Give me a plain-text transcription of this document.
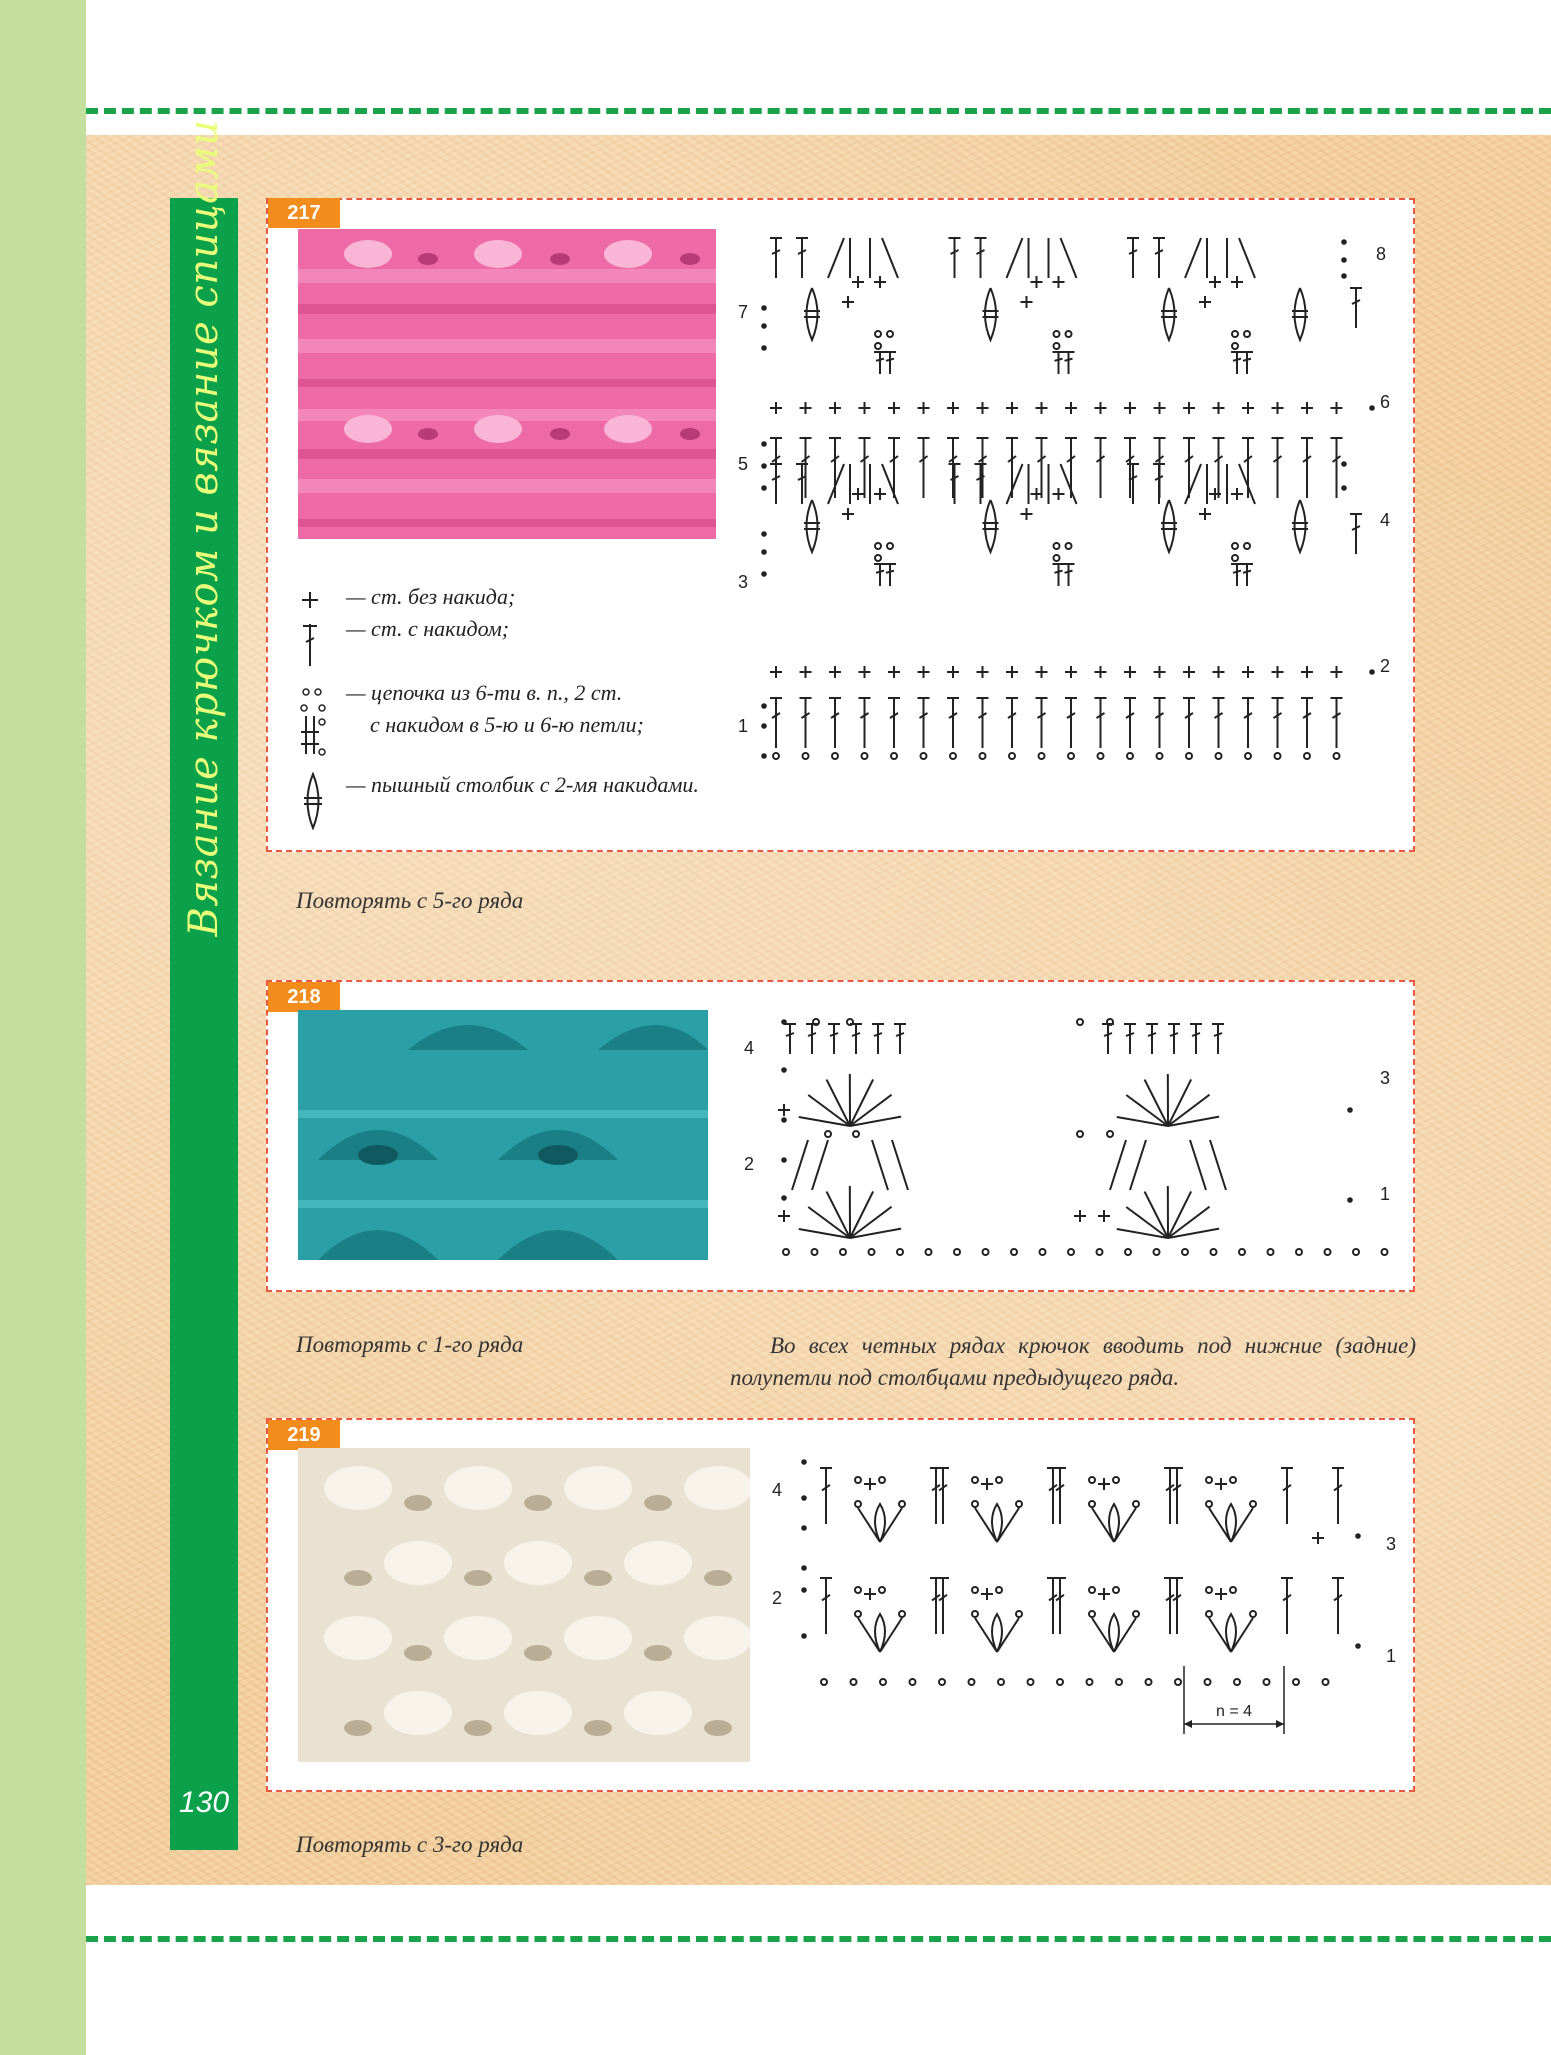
Вязание крючком и вязание спицами
130
217
— ст. без накида;
— ст. с накидом;
— цепочка из 6-ти в. п., 2 ст.
с накидом в 5-ю и 6-ю петли;
— пышный столбик с 2-мя накидами.
7
5
3
1
8
6
4
2
Повторять с 5-го ряда
218
4
2
3
1
Повторять с 1-го ряда	Во всех четных рядах крючок вводить под нижние (задние) полупетли под столбцами предыдущего ряда.
219
4
2
3
1
n = 4
Повторять с 3-го ряда
